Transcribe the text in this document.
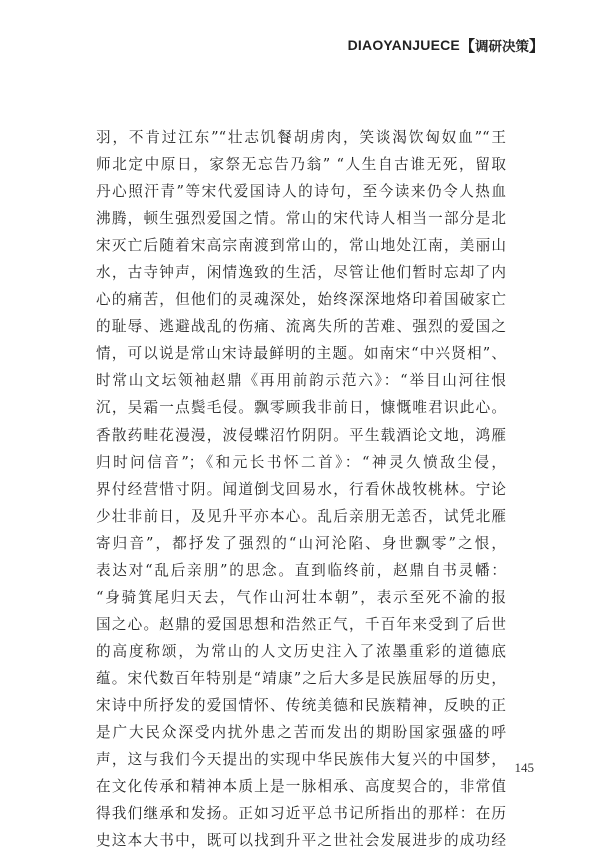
DIAOYANJUECE 【 调研决策 】
羽，不肯过江东”“壮志饥餐胡虏肉，笑谈渴饮匈奴血”“王
师北定中原日，家祭无忘告乃翁” “人生自古谁无死，留取
丹心照汗青”等宋代爱国诗人的诗句，至今读来仍令人热血
沸腾，顿生强烈爱国之情。常山的宋代诗人相当一部分是北
宋灭亡后随着宋高宗南渡到常山的，常山地处江南，美丽山
水，古寺钟声，闲情逸致的生活，尽管让他们暂时忘却了内
心的痛苦，但他们的灵魂深处，始终深深地烙印着国破家亡
的耻辱、逃避战乱的伤痛、流离失所的苦难、强烈的爱国之
情，可以说是常山宋诗最鲜明的主题。如南宋“中兴贤相”、
时常山文坛领袖赵鼎《再用前韵示范六》：“举目山河往恨
沉，吴霜一点鬓毛侵。飘零顾我非前日，慷慨唯君识此心。
香散药畦花漫漫，波侵蝶沼竹阴阴。平生载酒论文地，鸿雁
归时问信音”；《和元长书怀二首》：“神灵久愤敌尘侵，
界付经营惜寸阴。闻道倒戈回易水，行看休战牧桃林。宁论
少壮非前日，及见升平亦本心。乱后亲朋无恙否，试凭北雁
寄归音”，都抒发了强烈的“山河沦陷、身世飘零”之恨，
表达对“乱后亲朋”的思念。直到临终前，赵鼎自书灵幡：
“身骑箕尾归天去，气作山河壮本朝”，表示至死不渝的报
国之心。赵鼎的爱国思想和浩然正气，千百年来受到了后世
的高度称颂，为常山的人文历史注入了浓墨重彩的道德底
蕴。宋代数百年特别是“靖康”之后大多是民族屈辱的历史，
宋诗中所抒发的爱国情怀、传统美德和民族精神，反映的正
是广大民众深受内扰外患之苦而发出的期盼国家强盛的呼
声，这与我们今天提出的实现中华民族伟大复兴的中国梦，
在文化传承和精神本质上是一脉相承、高度契合的，非常值
得我们继承和发扬。正如习近平总书记所指出的那样：在历
史这本大书中，既可以找到升平之世社会发展进步的成功经
145
